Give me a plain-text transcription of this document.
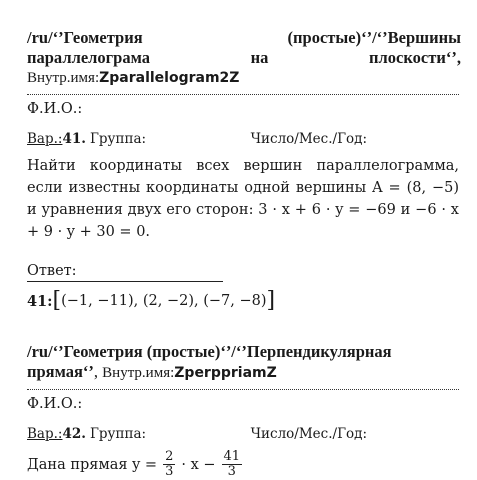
/ru/‘’Геометрия	(простые)‘’/‘’Вершины
параллелограма	на	плоскости‘’,
Внутр.имя:Zparallelogram2Z
Ф.И.О.:
Вар.: 41. Группа:	Число/Мес./Год:
Найти координаты всех вершин параллелограмма, если известны координаты одной вершины A = (8, −5) и уравнения двух его сторон: 3 · x + 6 · y = −69 и −6 · x + 9 · y + 30 = 0.
Ответ:
41: [ (−1, −11), (2, −2), (−7, −8) ]
/ru/‘’Геометрия (простые)‘’/‘’Перпендикулярная
прямая‘’, Внутр.имя:ZperppriamZ
Ф.И.О.:
Вар.: 42. Группа:	Число/Мес./Год:
Дана прямая $y = \frac{2}{3} \cdot x - \frac{41}{3}$
